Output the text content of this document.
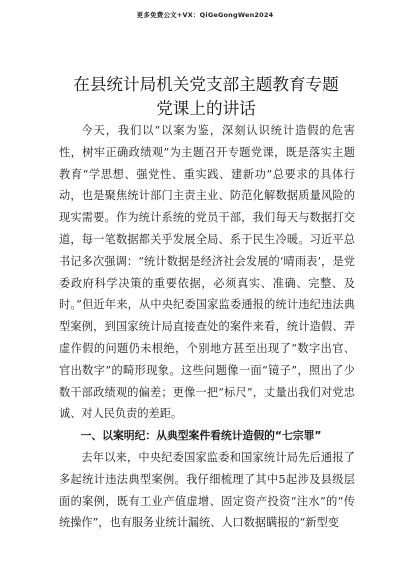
更多免费公文+VX：QiGeGongWen2024
在县统计局机关党支部主题教育专题党课上的讲话

今天，我们以“以案为鉴，深刻认识统计造假的危害性，树牢正确政绩观”为主题召开专题党课，既是落实主题教育“学思想、强党性、重实践、建新功”总要求的具体行动，也是聚焦统计部门主责主业、防范化解数据质量风险的现实需要。作为统计系统的党员干部，我们每天与数据打交道，每一笔数据都关乎发展全局、系于民生冷暖。习近平总书记多次强调：“统计数据是经济社会发展的‘晴雨表’，是党委政府科学决策的重要依据，必须真实、准确、完整、及时。”但近年来，从中央纪委国家监委通报的统计违纪违法典型案例，到国家统计局直接查处的案件来看，统计造假、弄虚作假的问题仍未根绝，个别地方甚至出现了“数字出官、官出数字”的畸形现象。这些问题像一面“镜子”，照出了少数干部政绩观的偏差；更像一把“标尺”，丈量出我们对党忠诚、对人民负责的差距。

一、以案明纪：从典型案件看统计造假的“七宗罪”

去年以来，中央纪委国家监委和国家统计局先后通报了多起统计违法典型案例。我仔细梳理了其中5起涉及县级层面的案例，既有工业产值虚增、固定资产投资“注水”的“传统操作”，也有服务业统计漏统、人口数据瞒报的“新型变
